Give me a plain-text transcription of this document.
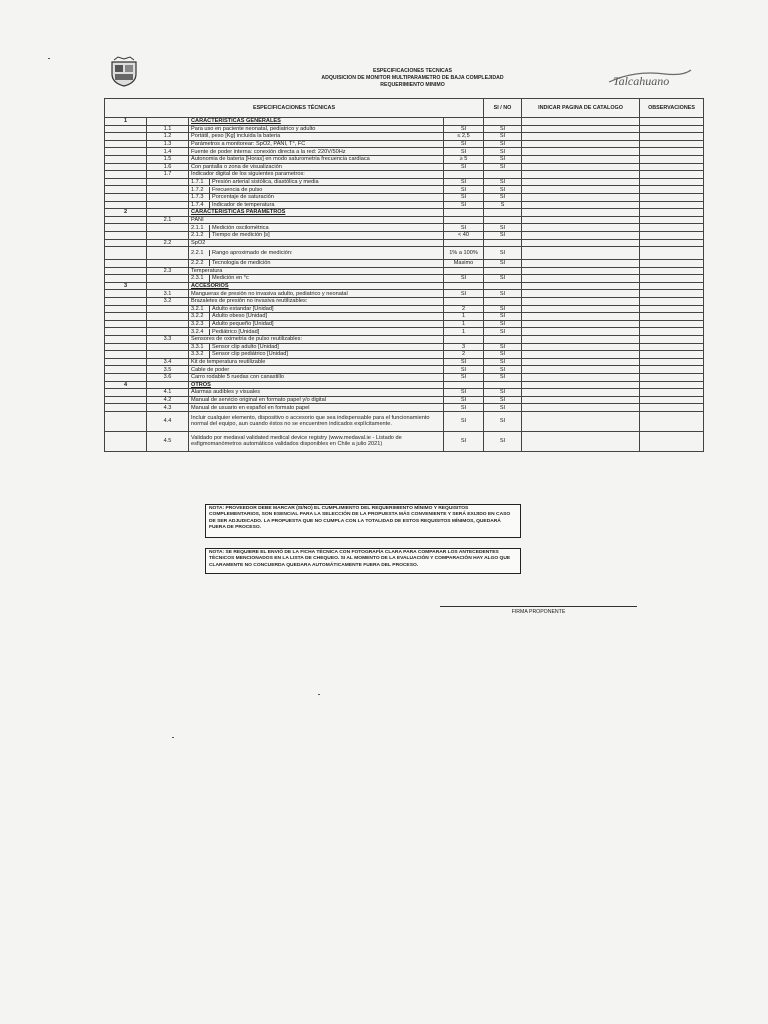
ESPECIFICACIONES TECNICAS
ADQUISICION DE MONITOR MULTIPARAMETRO DE BAJA COMPLEJIDAD
REQUERIMIENTO MINIMO	Talcahuano
ESPECIFICACIONES TÉCNICAS				SI / NO	INDICAR PAGINA DE CATALOGO	OBSERVACIONES
1		CARACTERISTICAS GENERALES				
	1.1	Para uso en paciente neonatal, pediatrico y adulto	SI	SI		
	1.2	Portátil, peso [Kg] incluida la bateria	≤ 2,5	SI		
	1.3	Parámetros a monitorear: SpO2, PANI, T°, FC	SI	SI		
	1.4	Fuente de poder interna: conexión directa a la red: 220V/50Hz	SI	SI		
	1.5	Autonomia de bateria [Horas] en modo saturometria frecuencia cardiaca	≥ 5	SI		
	1.6	Con pantalla o zona de visualización	SI	SI		
	1.7	Indicador digital de los siguientes parametros:				
		1.7.1 Presión arterial sistólica, diastólica y media	SI	SI		
		1.7.2 Frecuencia de pulso	SI	SI		
		1.7.3 Porcentaje de saturación	SI	SI		
		1.7.4 Indicador de temperatura	SI	S		
2		CARACTERISTICAS PARÁMETROS				
	2.1	PANI				
		2.1.1 Medición oscilométrica	SI	SI		
		2.1.2 Tiempo de medición [s]	< 40	SI		
	2.2	SpO2				
		2.2.1 Rango aproximado de medición:	1% a 100%	SI		
		2.2.2 Tecnologia de medición	Masimo	SI		
	2.3	Temperatura				
		2.3.1 Medición en °c	SI	SI		
3		ACCESORIOS				
	3.1	Mangueras de presión no invasiva adulto, pediatrico y neonatal	SI	SI		
	3.2	Brazaletes de presión no invasiva reutilizables:				
		3.2.1 Adulto estandar [Unidad]	2	SI		
		3.2.2 Adulto obeso [Unidad]	1	SI		
		3.2.3 Adulto pequeño [Unidad]	1	SI		
		3.2.4 Pediátrico [Unidad]	1	SI		
	3.3	Sensores de oximetria de pulso reutilizables:				
		3.3.1 Sensor clip adulto [Unidad]	3	SI		
		3.3.2 Sensor clip pediátrico [Unidad]	2	SI		
	3.4	Kit de temperatura reutilizable	SI	SI		
	3.5	Cable de poder	SI	SI		
	3.6	Carro rodable 5 ruedas con canastillo	SI	SI		
4		OTROS				
	4.1	Alarmas audibles y visuales	SI	SI		
	4.2	Manual de servicio original en formato papel y/o digital	SI	SI		
	4.3	Manual de usuario en español en formato papel	SI	SI		
	4.4	Incluir cualquier elemento, dispositivo o accesorio que sea indispensable para el funcionamiento normal del equipo, aun cuando éstos no se encuentren indicados explícitamente.	SI	SI		
	4.5	Validado por medaval validated medical device registry (www.medaval.ie - Listado de esfigmomanómetros automáticos validados disponibles en Chile a julio 2021)	SI	SI		
NOTA: PROVEEDOR DEBE MARCAR (SI/NO) EL CUMPLIMIENTO DEL REQUERIMIENTO MÍNIMO Y REQUISITOS COMPLEMENTARIOS, SON ESENCIAL PARA LA SELECCIÓN DE LA PROPUESTA MÁS CONVENIENTE Y SERÁ EXIJIDO EN CASO DE SER ADJUDICADO. LA PROPUESTA QUE NO CUMPLA CON LA TOTALIDAD DE ESTOS REQUISITOS MÍNIMOS, QUEDARÁ FUERA DE PROCESO.
NOTA: SE REQUIERE EL ENVIÓ DE LA FICHA TÉCNICA CON FOTOGRAFÍA CLARA PARA COMPARAR LOS ANTECEDENTES TÉCNICOS MENCIONADOS EN LA LISTA DE CHEQUEO. SI AL MOMENTO DE LA EVALUACIÓN Y COMPARACIÓN HAY ALGO QUE CLARAMENTE NO CONCUERDA QUEDARA AUTOMÁTICAMENTE FUERA DEL PROCESO.
FIRMA PROPONENTE
